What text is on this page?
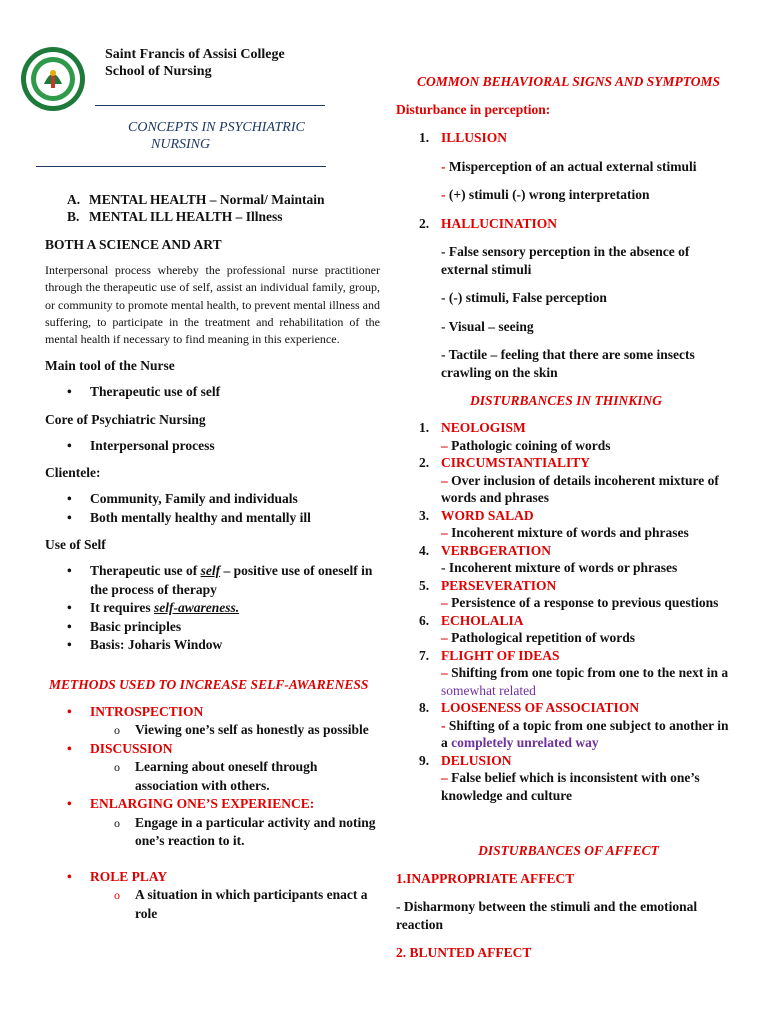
Saint Francis of Assisi College
School of Nursing
CONCEPTS IN PSYCHIATRIC
NURSING
A. MENTAL HEALTH – Normal/ Maintain
B. MENTAL ILL HEALTH – Illness

BOTH A SCIENCE AND ART

Interpersonal process whereby the professional nurse practitioner through the therapeutic use of self, assist an individual family, group, or community to promote mental health, to prevent mental illness and suffering, to participate in the treatment and rehabilitation of the mental health if necessary to find meaning in this experience.

Main tool of the Nurse

• Therapeutic use of self

Core of Psychiatric Nursing

• Interpersonal process

Clientele:

• Community, Family and individuals
• Both mentally healthy and mentally ill

Use of Self

• Therapeutic use of self – positive use of oneself in the process of therapy
• It requires self-awareness.
• Basic principles
• Basis: Joharis Window

METHODS USED TO INCREASE SELF-AWARENESS

• INTROSPECTION
o Viewing one’s self as honestly as possible
• DISCUSSION
o Learning about oneself through association with others.
• ENLARGING ONE’S EXPERIENCE:
o Engage in a particular activity and noting one’s reaction to it.
• ROLE PLAY
o A situation in which participants enact a role

COMMON BEHAVIORAL SIGNS AND SYMPTOMS

Disturbance in perception:

1. ILLUSION
- Misperception of an actual external stimuli
- (+) stimuli (-) wrong interpretation
2. HALLUCINATION
- False sensory perception in the absence of external stimuli
- (-) stimuli, False perception
- Visual – seeing
- Tactile – feeling that there are some insects crawling on the skin

DISTURBANCES IN THINKING

1. NEOLOGISM
– Pathologic coining of words
2. CIRCUMSTANTIALITY
– Over inclusion of details incoherent mixture of words and phrases
3. WORD SALAD
– Incoherent mixture of words and phrases
4. VERBGERATION
- Incoherent mixture of words or phrases
5. PERSEVERATION
– Persistence of a response to previous questions
6. ECHOLALIA
– Pathological repetition of words
7. FLIGHT OF IDEAS
– Shifting from one topic from one to the next in a somewhat related
8. LOOSENESS OF ASSOCIATION
- Shifting of a topic from one subject to another in a completely unrelated way
9. DELUSION
– False belief which is inconsistent with one’s knowledge and culture

DISTURBANCES OF AFFECT

1.INAPPROPRIATE AFFECT

- Disharmony between the stimuli and the emotional reaction

2. BLUNTED AFFECT
